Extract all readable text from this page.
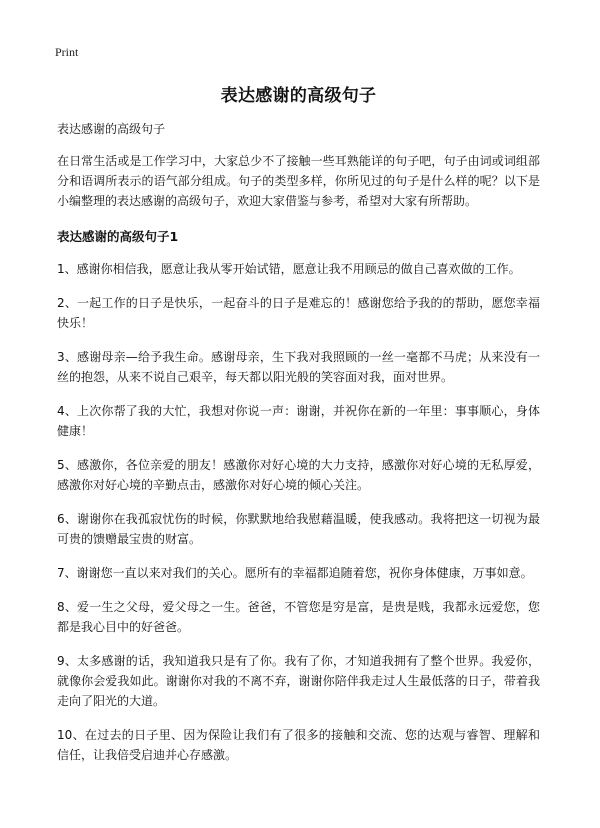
Print
表达感谢的高级句子
表达感谢的高级句子
在日常生活或是工作学习中，大家总少不了接触一些耳熟能详的句子吧，句子由词或词组部分和语调所表示的语气部分组成。句子的类型多样，你所见过的句子是什么样的呢？以下是小编整理的表达感谢的高级句子，欢迎大家借鉴与参考，希望对大家有所帮助。
表达感谢的高级句子1
1、感谢你相信我，愿意让我从零开始试错，愿意让我不用顾忌的做自己喜欢做的工作。
2、一起工作的日子是快乐，一起奋斗的日子是难忘的！感谢您给予我的的帮助，愿您幸福快乐！
3、感谢母亲—给予我生命。感谢母亲，生下我对我照顾的一丝一毫都不马虎；从来没有一丝的抱怨，从来不说自己艰辛，每天都以阳光般的笑容面对我，面对世界。
4、上次你帮了我的大忙，我想对你说一声：谢谢，并祝你在新的一年里：事事顺心，身体健康！
5、感激你，各位亲爱的朋友！感激你对好心境的大力支持，感激你对好心境的无私厚爱，感激你对好心境的辛勤点击，感激你对好心境的倾心关注。
6、谢谢你在我孤寂忧伤的时候，你默默地给我慰藉温暖，使我感动。我将把这一切视为最可贵的馈赠最宝贵的财富。
7、谢谢您一直以来对我们的关心。愿所有的幸福都追随着您，祝你身体健康，万事如意。
8、爱一生之父母，爱父母之一生。爸爸，不管您是穷是富，是贵是贱，我都永远爱您，您都是我心目中的好爸爸。
9、太多感谢的话，我知道我只是有了你。我有了你，才知道我拥有了整个世界。我爱你，就像你会爱我如此。谢谢你对我的不离不弃，谢谢你陪伴我走过人生最低落的日子，带着我走向了阳光的大道。
10、在过去的日子里、因为保险让我们有了很多的接触和交流、您的达观与睿智、理解和信任，让我倍受启迪并心存感激。
